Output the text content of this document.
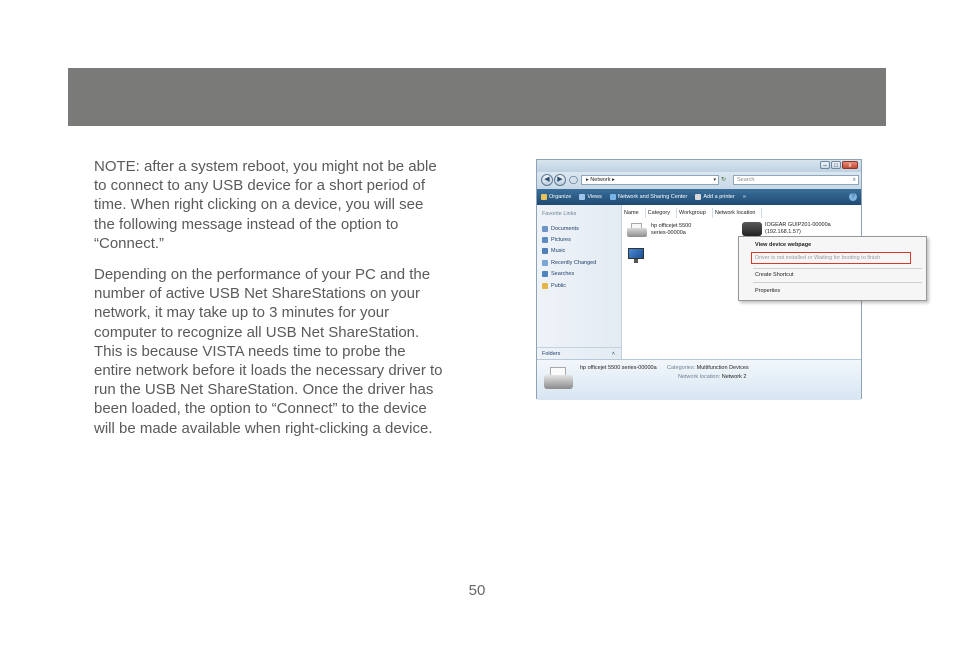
NOTE: after a system reboot, you might not be able to connect to any USB device for a short period of time. When right clicking on a device, you will see the following message instead of the option to “Connect.”

Depending on the performance of your PC and the number of active USB Net ShareStations on your network, it may take up to 3 minutes for your computer to recognize all USB Net ShareStation. This is because VISTA needs time to probe the entire network before it loads the necessary driver to run the USB Net ShareStation. Once the driver has been loaded, the option to “Connect” to the device will be made available when right-clicking a device.

–	□	x
◀	▶ ◯	▸ Network ▸	▾ ↻	Search	⌕
Organize	Views	Network and Sharing Center	Add a printer	»	?
Favorite Links
Documents
Pictures
Music
Recently Changed
Searches
Public
Folders	˄
Name	Category	Workgroup	Network location
hp officejet 5500
series-00000a
IOGEAR GUIP201-00000a
(192.168.1.57)
View device webpage
Driver is not installed or Waiting for booting to finish
Create Shortcut
Properties
hp officejet 5500 series-00000a Categories: Multifunction Devices
Network location: Network 2
50
